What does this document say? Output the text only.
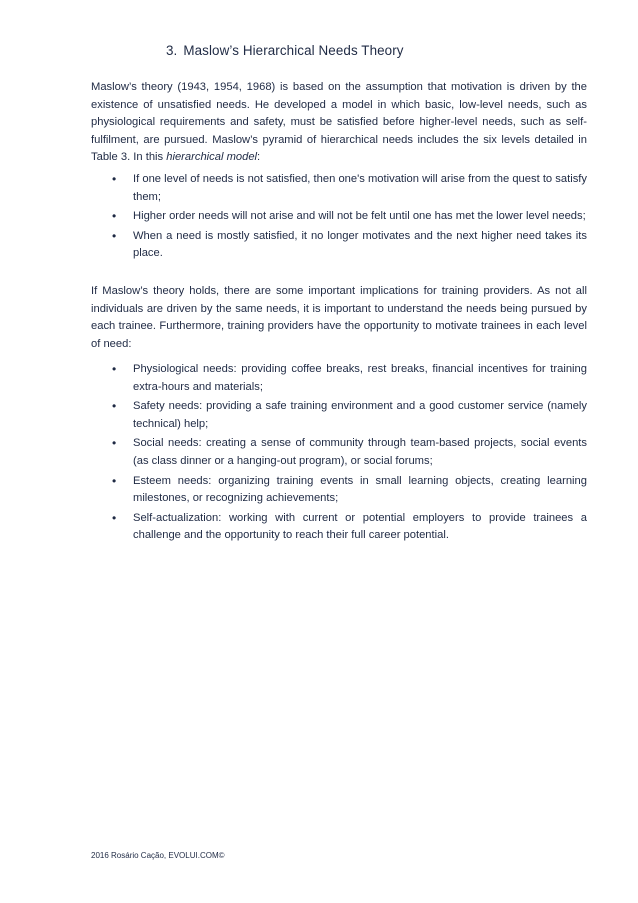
3. Maslow’s Hierarchical Needs Theory
Maslow’s theory (1943, 1954, 1968) is based on the assumption that motivation is driven by the existence of unsatisfied needs. He developed a model in which basic, low-level needs, such as physiological requirements and safety, must be satisfied before higher-level needs, such as self-fulfilment, are pursued. Maslow’s pyramid of hierarchical needs includes the six levels detailed in Table 3. In this hierarchical model:
• If one level of needs is not satisfied, then one's motivation will arise from the quest to satisfy them;
• Higher order needs will not arise and will not be felt until one has met the lower level needs;
• When a need is mostly satisfied, it no longer motivates and the next higher need takes its place.
If Maslow’s theory holds, there are some important implications for training providers. As not all individuals are driven by the same needs, it is important to understand the needs being pursued by each trainee. Furthermore, training providers have the opportunity to motivate trainees in each level of need:
• Physiological needs: providing coffee breaks, rest breaks, financial incentives for training extra-hours and materials;
• Safety needs: providing a safe training environment and a good customer service (namely technical) help;
• Social needs: creating a sense of community through team-based projects, social events (as class dinner or a hanging-out program), or social forums;
• Esteem needs: organizing training events in small learning objects, creating learning milestones, or recognizing achievements;
• Self-actualization: working with current or potential employers to provide trainees a challenge and the opportunity to reach their full career potential.
2016 Rosário Cação, EVOLUI.COM©
